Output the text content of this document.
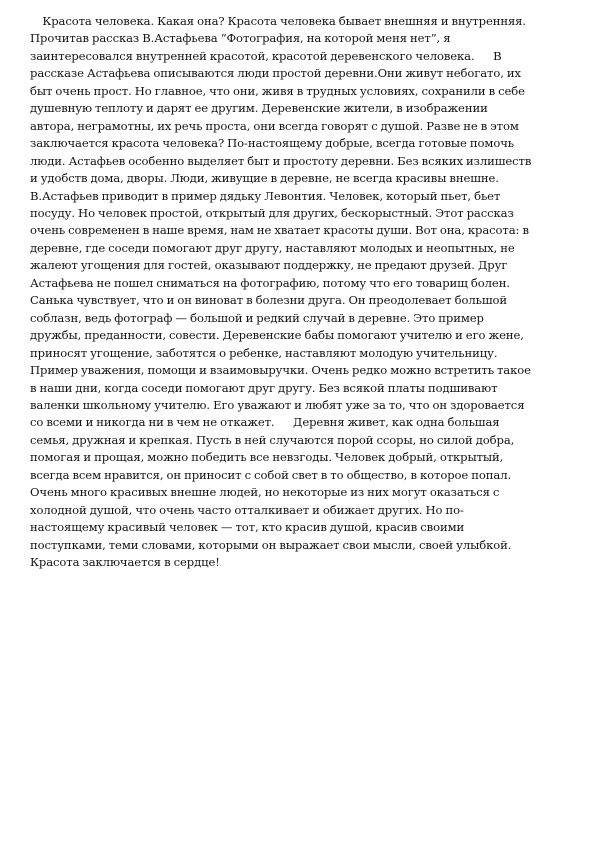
Красота человека. Какая она? Красота человека бывает внешняя и внутренняя.
Прочитав рассказ В.Астафьева “Фотография, на которой меня нет”, я
заинтересовался внутренней красотой, красотой деревенского человека.      В
рассказе Астафьева описываются люди простой деревни.Они живут небогато, их
быт очень прост. Но главное, что они, живя в трудных условиях, сохранили в себе
душевную теплоту и дарят ее другим. Деревенские жители, в изображении
автора, неграмотны, их речь проста, они всегда говорят с душой. Разве не в этом
заключается красота человека? По-настоящему добрые, всегда готовые помочь
люди. Астафьев особенно выделяет быт и простоту деревни. Без всяких излишеств
и удобств дома, дворы. Люди, живущие в деревне, не всегда красивы внешне.
В.Астафьев приводит в пример дядьку Левонтия. Человек, который пьет, бьет
посуду. Но человек простой, открытый для других, бескорыстный. Этот рассказ
очень современен в наше время, нам не хватает красоты души. Вот она, красота: в
деревне, где соседи помогают друг другу, наставляют молодых и неопытных, не
жалеют угощения для гостей, оказывают поддержку, не предают друзей. Друг
Астафьева не пошел сниматься на фотографию, потому что его товарищ болен.
Санька чувствует, что и он виноват в болезни друга. Он преодолевает большой
соблазн, ведь фотограф — большой и редкий случай в деревне. Это пример
дружбы, преданности, совести. Деревенские бабы помогают учителю и его жене,
приносят угощение, заботятся о ребенке, наставляют молодую учительницу.
Пример уважения, помощи и взаимовыручки. Очень редко можно встретить такое
в наши дни, когда соседи помогают друг другу. Без всякой платы подшивают
валенки школьному учителю. Его уважают и любят уже за то, что он здоровается
со всеми и никогда ни в чем не откажет.      Деревня живет, как одна большая
семья, дружная и крепкая. Пусть в ней случаются порой ссоры, но силой добра,
помогая и прощая, можно победить все невзгоды. Человек добрый, открытый,
всегда всем нравится, он приносит с собой свет в то общество, в которое попал.
Очень много красивых внешне людей, но некоторые из них могут оказаться с
холодной душой, что очень часто отталкивает и обижает других. Но по-
настоящему красивый человек — тот, кто красив душой, красив своими
поступками, теми словами, которыми он выражает свои мысли, своей улыбкой.
Красота заключается в сердце!
